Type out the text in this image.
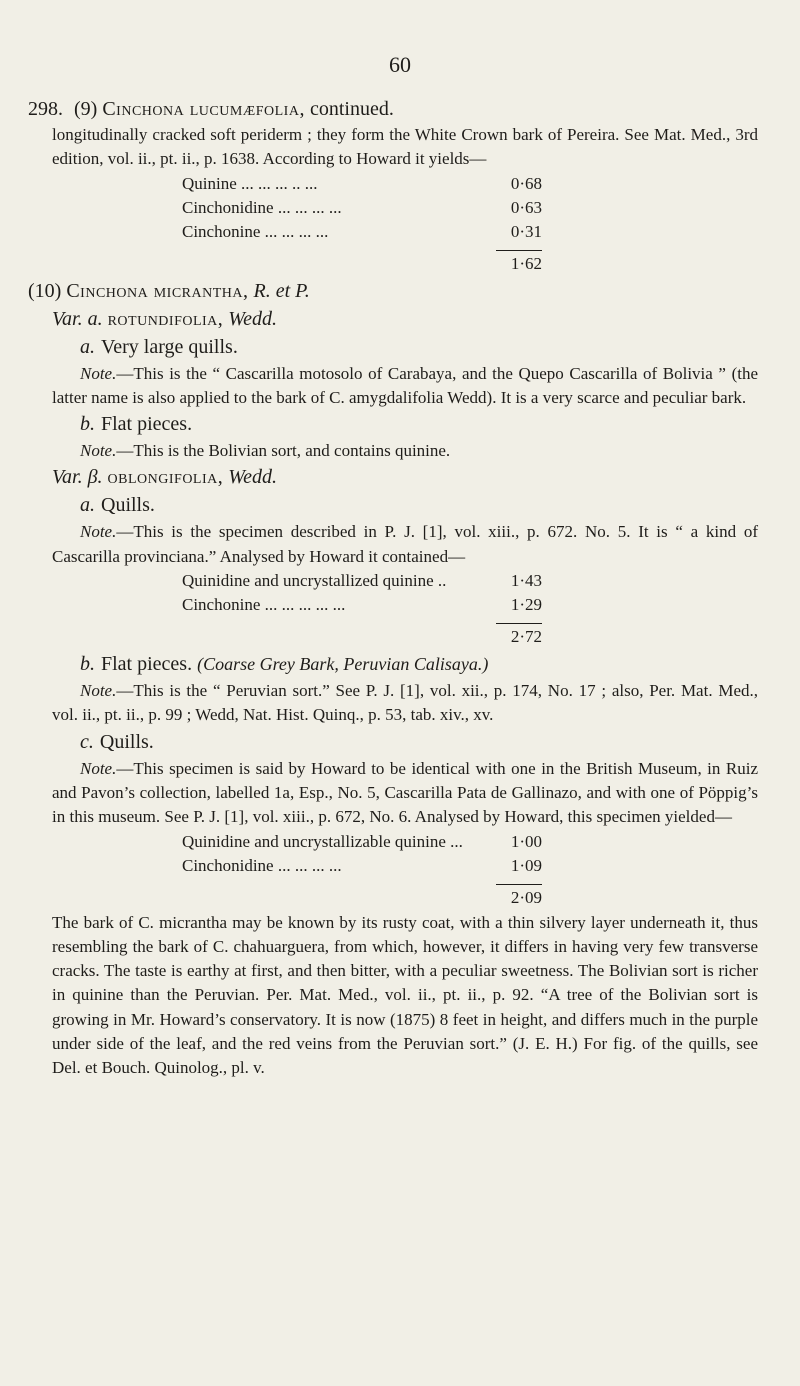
60
298. (9) Cinchona lucumæfolia, continued.
longitudinally cracked soft periderm ; they form the White Crown bark of Pereira. See Mat. Med., 3rd edition, vol. ii., pt. ii., p. 1638. According to Howard it yields—
Quinine ... ... ... .. ...	0·68
Cinchonidine ... ... ... ...	0·63
Cinchonine ... ... ... ...	0·31
1·62
(10) Cinchona micrantha, R. et P.
Var. a. rotundifolia, Wedd.
a. Very large quills.
Note.—This is the “ Cascarilla motosolo of Carabaya, and the Quepo Cascarilla of Bolivia ” (the latter name is also applied to the bark of C. amygdalifolia Wedd). It is a very scarce and peculiar bark.
b. Flat pieces.
Note.—This is the Bolivian sort, and contains quinine.
Var. β. oblongifolia, Wedd.
a. Quills.
Note.—This is the specimen described in P. J. [1], vol. xiii., p. 672. No. 5. It is “ a kind of Cascarilla provinciana.” Analysed by Howard it contained—
Quinidine and uncrystallized quinine ..	1·43
Cinchonine ... ... ... ... ...	1·29
2·72
b. Flat pieces. (Coarse Grey Bark, Peruvian Calisaya.)
Note.—This is the “ Peruvian sort.” See P. J. [1], vol. xii., p. 174, No. 17 ; also, Per. Mat. Med., vol. ii., pt. ii., p. 99 ; Wedd, Nat. Hist. Quinq., p. 53, tab. xiv., xv.
c. Quills.
Note.—This specimen is said by Howard to be identical with one in the British Museum, in Ruiz and Pavon’s collection, labelled 1a, Esp., No. 5, Cascarilla Pata de Gallinazo, and with one of Pöppig’s in this museum. See P. J. [1], vol. xiii., p. 672, No. 6. Analysed by Howard, this specimen yielded—
Quinidine and uncrystallizable quinine ...	1·00
Cinchonidine ... ... ... ...	1·09
2·09
The bark of C. micrantha may be known by its rusty coat, with a thin silvery layer underneath it, thus resembling the bark of C. chahuarguera, from which, however, it differs in having very few transverse cracks. The taste is earthy at first, and then bitter, with a peculiar sweetness. The Bolivian sort is richer in quinine than the Peruvian. Per. Mat. Med., vol. ii., pt. ii., p. 92. “A tree of the Bolivian sort is growing in Mr. Howard’s conservatory. It is now (1875) 8 feet in height, and differs much in the purple under side of the leaf, and the red veins from the Peruvian sort.” (J. E. H.) For fig. of the quills, see Del. et Bouch. Quinolog., pl. v.
